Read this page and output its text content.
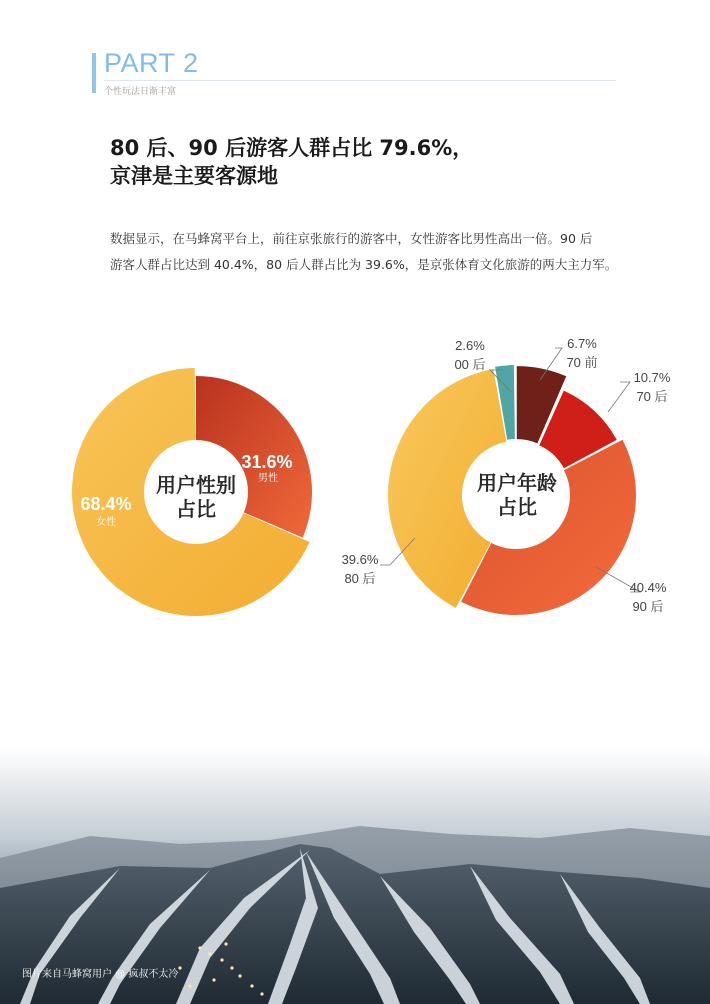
PART 2
个性玩法日渐丰富
80 后、90 后游客人群占比 79.6%，
京津是主要客源地
数据显示，在马蜂窝平台上，前往京张旅行的游客中，女性游客比男性高出一倍。90 后
游客人群占比达到 40.4%，80 后人群占比为 39.6%，是京张体育文化旅游的两大主力军。
用户性别
占比
31.6%
男性
68.4%
女性
用户年龄
占比
2.6%
00 后
6.7%
70 前
10.7%
70 后
40.4%
90 后
39.6%
80 后
图片来自马蜂窝用户 @ 疯叔不太冷
